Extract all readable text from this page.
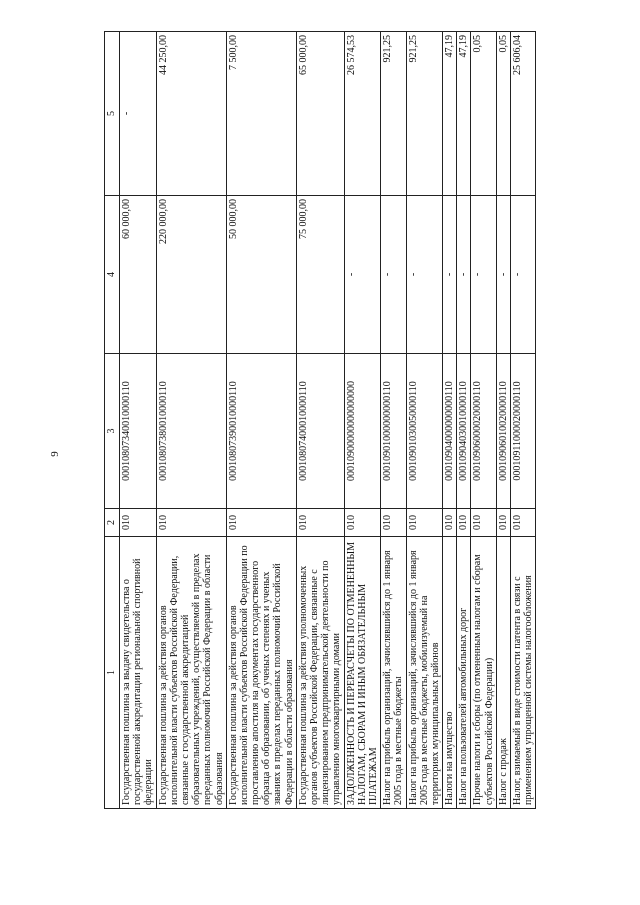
9
1	2	3	4	5
Государственная пошлина за выдачу свидетельства о государственной аккредитации региональной спортивной федерации	010	00010807340010000110	60 000,00	-
Государственная пошлина за действия органов исполнительной власти субъектов Российской Федерации, связанные с государственной аккредитацией образовательных учреждений, осуществляемой в пределах переданных полномочий Российской Федерации в области образования	010	00010807380010000110	220 000,00	44 250,00
Государственная пошлина за действия органов исполнительной власти субъектов Российской Федерации по проставлению апостиля на документах государственного образца об образовании, об ученых степенях и ученых званиях в пределах переданных полномочий Российской Федерации в области образования	010	00010807390010000110	50 000,00	7 500,00
Государственная пошлина за действия уполномоченных органов субъектов Российской Федерации, связанные с лицензированием предпринимательской деятельности по управлению многоквартирными домами	010	00010807400010000110	75 000,00	65 000,00
ЗАДОЛЖЕННОСТЬ И ПЕРЕРАСЧЕТЫ ПО ОТМЕНЕННЫМ НАЛОГАМ, СБОРАМ И ИНЫМ ОБЯЗАТЕЛЬНЫМ ПЛАТЕЖАМ	010	00010900000000000000	-	26 574,53
Налог на прибыль организаций, зачислявшийся до 1 января 2005 года в местные бюджеты	010	00010901000000000110	-	921,25
Налог на прибыль организаций, зачислявшийся до 1 января 2005 года в местные бюджеты, мобилизуемый на территориях муниципальных районов	010	00010901030050000110	-	921,25
Налоги на имущество	010	00010904000000000110	-	47,19
Налог на пользователей автомобильных дорог	010	00010904030010000110	-	47,19
Прочие налоги и сборы (по отмененным налогам и сборам субъектов Российской Федерации)	010	00010906000020000110	-	0,05
Налог с продаж	010	00010906010020000110	-	0,05
Налог, взимаемый в виде стоимости патента в связи с применением упрощенной системы налогообложения	010	00010911000020000110	-	25 606,04
